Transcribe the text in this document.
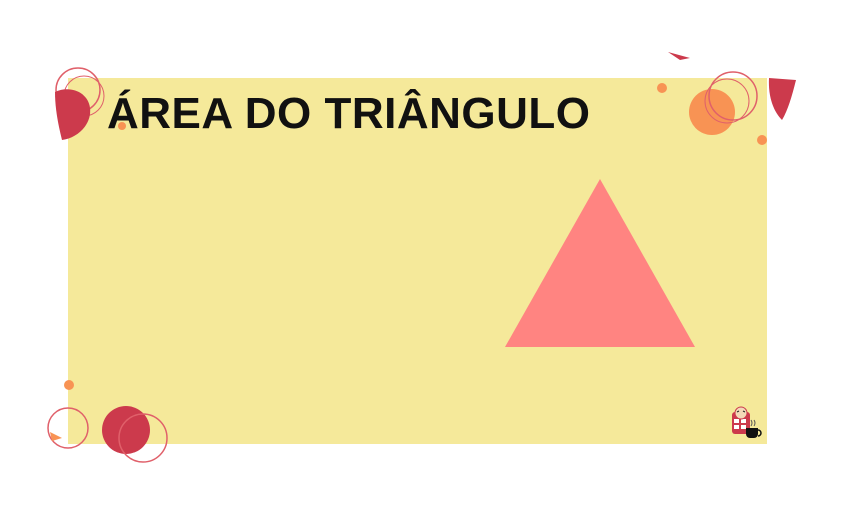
ÁREA DO TRIÂNGULO
